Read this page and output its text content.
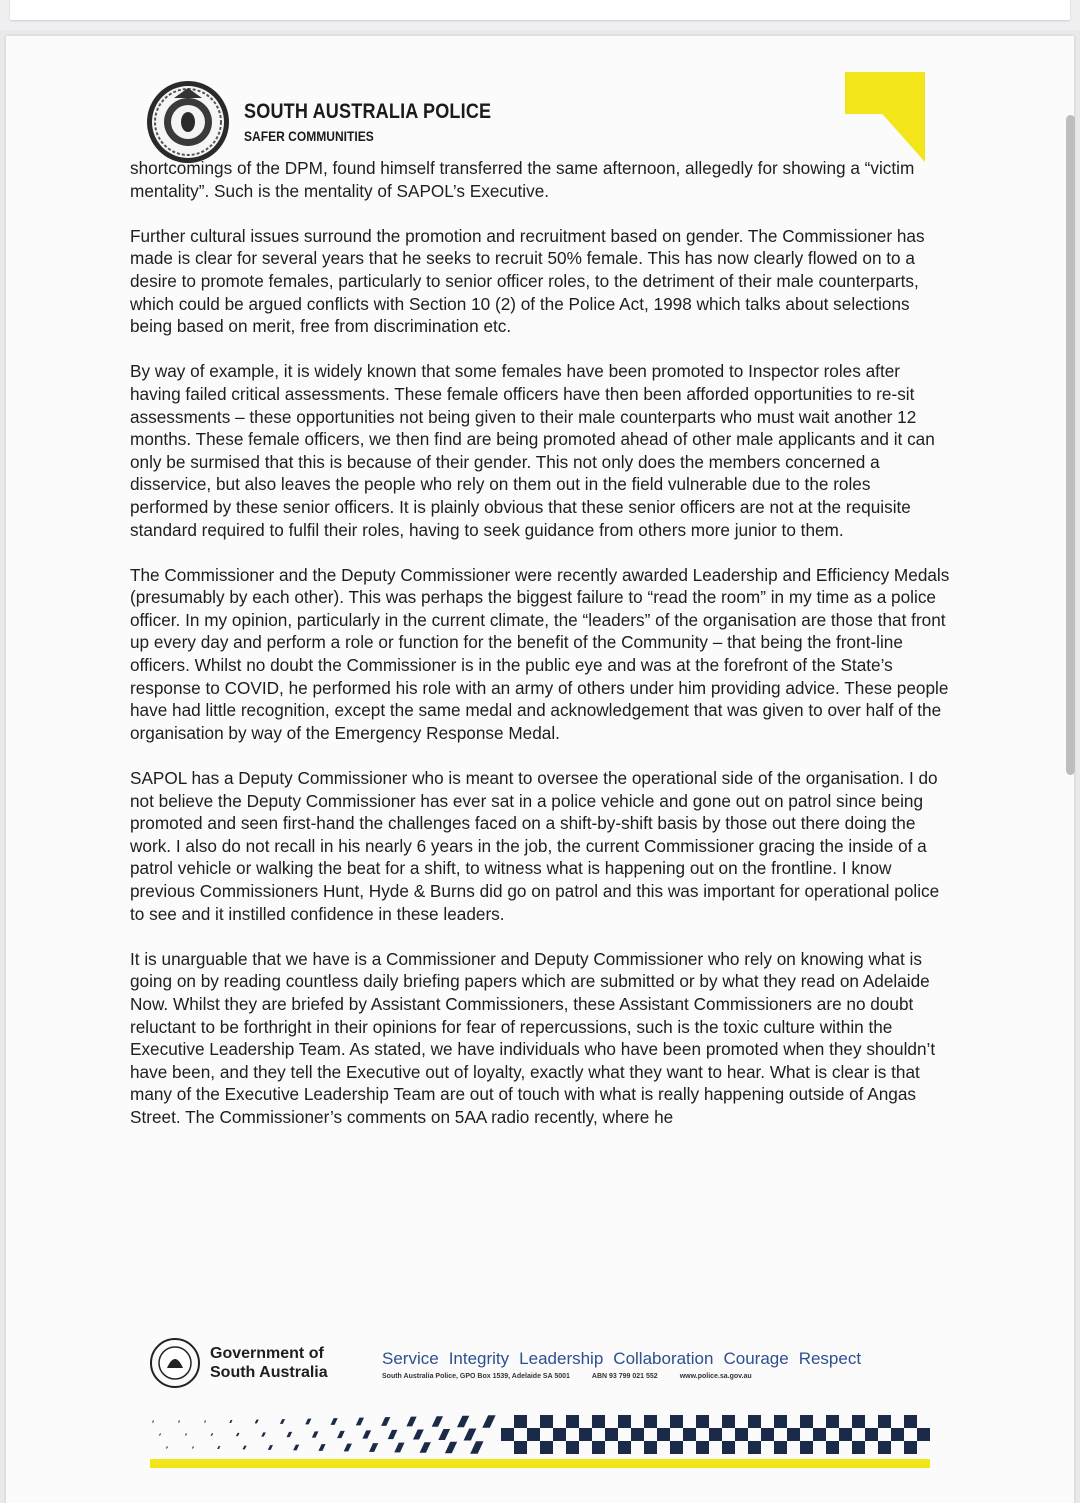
SOUTH AUSTRALIA POLICE
SAFER COMMUNITIES

shortcomings of the DPM, found himself transferred the same afternoon, allegedly for showing a “victim mentality”. Such is the mentality of SAPOL’s Executive.

Further cultural issues surround the promotion and recruitment based on gender. The Commissioner has made is clear for several years that he seeks to recruit 50% female. This has now clearly flowed on to a desire to promote females, particularly to senior officer roles, to the detriment of their male counterparts, which could be argued conflicts with Section 10 (2) of the Police Act, 1998 which talks about selections being based on merit, free from discrimination etc.

By way of example, it is widely known that some females have been promoted to Inspector roles after having failed critical assessments. These female officers have then been afforded opportunities to re-sit assessments – these opportunities not being given to their male counterparts who must wait another 12 months. These female officers, we then find are being promoted ahead of other male applicants and it can only be surmised that this is because of their gender. This not only does the members concerned a disservice, but also leaves the people who rely on them out in the field vulnerable due to the roles performed by these senior officers. It is plainly obvious that these senior officers are not at the requisite standard required to fulfil their roles, having to seek guidance from others more junior to them.

The Commissioner and the Deputy Commissioner were recently awarded Leadership and Efficiency Medals (presumably by each other). This was perhaps the biggest failure to “read the room” in my time as a police officer. In my opinion, particularly in the current climate, the “leaders” of the organisation are those that front up every day and perform a role or function for the benefit of the Community – that being the front-line officers. Whilst no doubt the Commissioner is in the public eye and was at the forefront of the State’s response to COVID, he performed his role with an army of others under him providing advice. These people have had little recognition, except the same medal and acknowledgement that was given to over half of the organisation by way of the Emergency Response Medal.

SAPOL has a Deputy Commissioner who is meant to oversee the operational side of the organisation. I do not believe the Deputy Commissioner has ever sat in a police vehicle and gone out on patrol since being promoted and seen first-hand the challenges faced on a shift-by-shift basis by those out there doing the work. I also do not recall in his nearly 6 years in the job, the current Commissioner gracing the inside of a patrol vehicle or walking the beat for a shift, to witness what is happening out on the frontline. I know previous Commissioners Hunt, Hyde & Burns did go on patrol and this was important for operational police to see and it instilled confidence in these leaders.

It is unarguable that we have is a Commissioner and Deputy Commissioner who rely on knowing what is going on by reading countless daily briefing papers which are submitted or by what they read on Adelaide Now. Whilst they are briefed by Assistant Commissioners, these Assistant Commissioners are no doubt reluctant to be forthright in their opinions for fear of repercussions, such is the toxic culture within the Executive Leadership Team. As stated, we have individuals who have been promoted when they shouldn’t have been, and they tell the Executive out of loyalty, exactly what they want to hear. What is clear is that many of the Executive Leadership Team are out of touch with what is really happening outside of Angas Street. The Commissioner’s comments on 5AA radio recently, where he

Government of
South Australia
Service Integrity Leadership Collaboration Courage Respect
South Australia Police, GPO Box 1539, Adelaide SA 5001	ABN 93 799 021 552	www.police.sa.gov.au
